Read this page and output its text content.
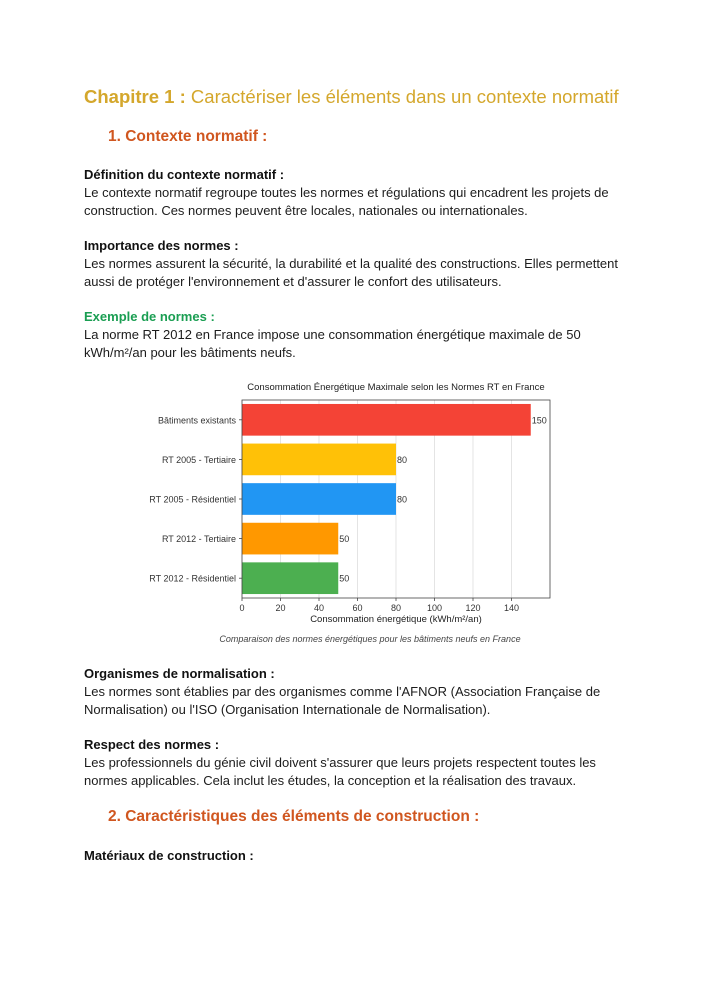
Chapitre 1 : Caractériser les éléments dans un contexte normatif
1. Contexte normatif :
Définition du contexte normatif :
Le contexte normatif regroupe toutes les normes et régulations qui encadrent les projets de construction. Ces normes peuvent être locales, nationales ou internationales.
Importance des normes :
Les normes assurent la sécurité, la durabilité et la qualité des constructions. Elles permettent aussi de protéger l'environnement et d'assurer le confort des utilisateurs.
Exemple de normes :
La norme RT 2012 en France impose une consommation énergétique maximale de 50 kWh/m²/an pour les bâtiments neufs.
Consommation Énergétique Maximale selon les Normes RT en France
150
80
80
50
50
0	20	40	60	80	100	120	140
Bâtiments existants
RT 2005 - Tertiaire
RT 2005 - Résidentiel
RT 2012 - Tertiaire
RT 2012 - Résidentiel
Consommation énergétique (kWh/m²/an)
Comparaison des normes énergétiques pour les bâtiments neufs en France
Organismes de normalisation :
Les normes sont établies par des organismes comme l'AFNOR (Association Française de Normalisation) ou l'ISO (Organisation Internationale de Normalisation).
Respect des normes :
Les professionnels du génie civil doivent s'assurer que leurs projets respectent toutes les normes applicables. Cela inclut les études, la conception et la réalisation des travaux.
2. Caractéristiques des éléments de construction :
Matériaux de construction :
